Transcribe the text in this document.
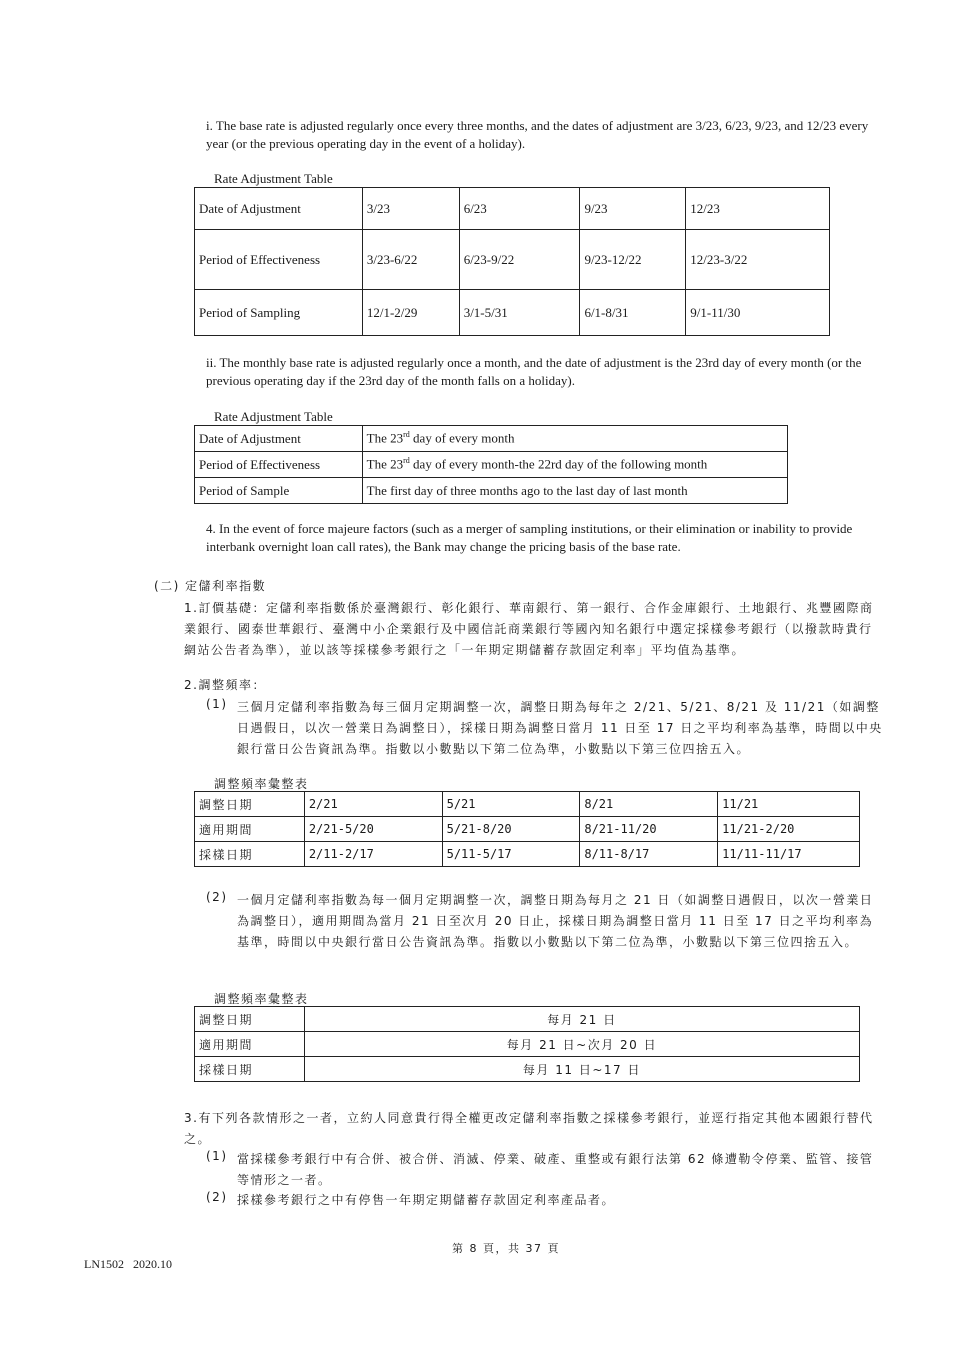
i. The base rate is adjusted regularly once every three months, and the dates of adjustment are 3/23, 6/23, 9/23, and 12/23 every year (or the previous operating day in the event of a holiday).
Rate Adjustment Table
Date of Adjustment	3/23	6/23	9/23	12/23
Period of Effectiveness	3/23-6/22	6/23-9/22	9/23-12/22	12/23-3/22
Period of Sampling	12/1-2/29	3/1-5/31	6/1-8/31	9/1-11/30
ii. The monthly base rate is adjusted regularly once a month, and the date of adjustment is the 23rd day of every month (or the previous operating day if the 23rd day of the month falls on a holiday).
Rate Adjustment Table
Date of Adjustment	The 23rd day of every month
Period of Effectiveness	The 23rd day of every month-the 22rd day of the following month
Period of Sample	The first day of three months ago to the last day of last month
4. In the event of force majeure factors (such as a merger of sampling institutions, or their elimination or inability to provide interbank overnight loan call rates), the Bank may change the pricing basis of the base rate.
(二) 定儲利率指數
1.訂價基礎：定儲利率指數係於臺灣銀行、彰化銀行、華南銀行、第一銀行、合作金庫銀行、土地銀行、兆豐國際商業銀行、國泰世華銀行、臺灣中小企業銀行及中國信託商業銀行等國內知名銀行中選定採樣參考銀行（以撥款時貴行網站公告者為準），並以該等採樣參考銀行之「一年期定期儲蓄存款固定利率」平均值為基準。
2.調整頻率：
(1) 三個月定儲利率指數為每三個月定期調整一次，調整日期為每年之 2/21、5/21、8/21 及 11/21（如調整日遇假日，以次一營業日為調整日），採樣日期為調整日當月 11 日至 17 日之平均利率為基準，時間以中央銀行當日公告資訊為準。指數以小數點以下第二位為準，小數點以下第三位四捨五入。
調整頻率彙整表
調整日期	2/21	5/21	8/21	11/21
適用期間	2/21-5/20	5/21-8/20	8/21-11/20	11/21-2/20
採樣日期	2/11-2/17	5/11-5/17	8/11-8/17	11/11-11/17
(2) 一個月定儲利率指數為每一個月定期調整一次，調整日期為每月之 21 日（如調整日遇假日，以次一營業日為調整日），適用期間為當月 21 日至次月 20 日止，採樣日期為調整日當月 11 日至 17 日之平均利率為基準，時間以中央銀行當日公告資訊為準。指數以小數點以下第二位為準，小數點以下第三位四捨五入。
調整頻率彙整表
調整日期	每月 21 日
適用期間	每月 21 日~次月 20 日
採樣日期	每月 11 日~17 日
3.有下列各款情形之一者，立約人同意貴行得全權更改定儲利率指數之採樣參考銀行，並逕行指定其他本國銀行替代之。
(1) 當採樣參考銀行中有合併、被合併、消滅、停業、破產、重整或有銀行法第 62 條遭勒令停業、監管、接管等情形之一者。
(2) 採樣參考銀行之中有停售一年期定期儲蓄存款固定利率產品者。
第 8 頁，共 37 頁
LN1502   2020.10
